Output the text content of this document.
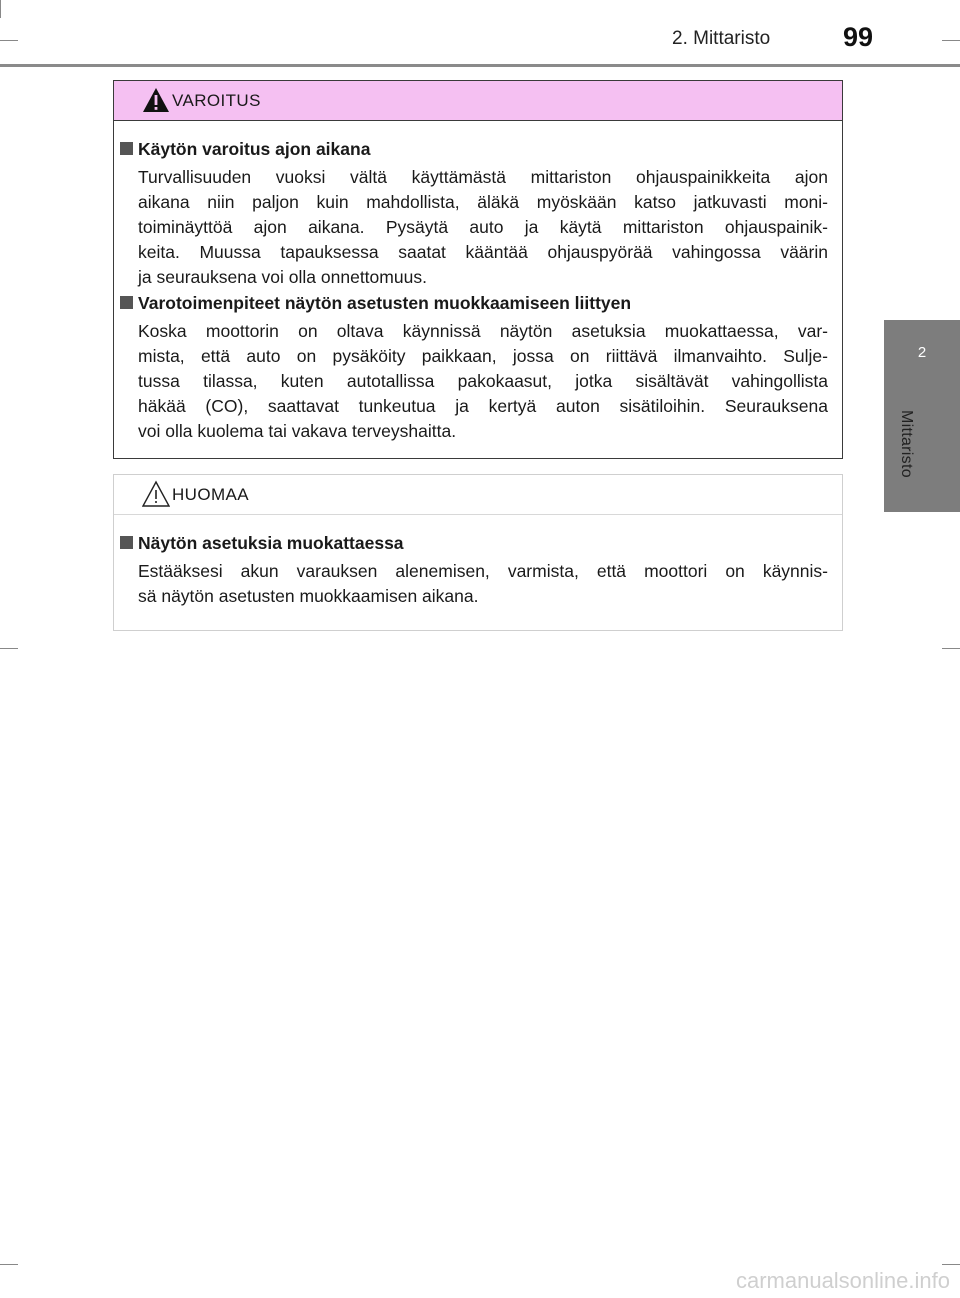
2. Mittaristo	99
2
Mittaristo
VAROITUS
Käytön varoitus ajon aikana
Turvallisuuden vuoksi vältä käyttämästä mittariston ohjauspainikkeita ajon
aikana niin paljon kuin mahdollista, äläkä myöskään katso jatkuvasti moni-
toiminäyttöä ajon aikana. Pysäytä auto ja käytä mittariston ohjauspainik-
keita. Muussa tapauksessa saatat kääntää ohjauspyörää vahingossa väärin
ja seurauksena voi olla onnettomuus.
Varotoimenpiteet näytön asetusten muokkaamiseen liittyen
Koska moottorin on oltava käynnissä näytön asetuksia muokattaessa, var-
mista, että auto on pysäköity paikkaan, jossa on riittävä ilmanvaihto. Sulje-
tussa tilassa, kuten autotallissa pakokaasut, jotka sisältävät vahingollista
häkää (CO), saattavat tunkeutua ja kertyä auton sisätiloihin. Seurauksena
voi olla kuolema tai vakava terveyshaitta.
HUOMAA
Näytön asetuksia muokattaessa
Estääksesi akun varauksen alenemisen, varmista, että moottori on käynnis-
sä näytön asetusten muokkaamisen aikana.
carmanualsonline.info
